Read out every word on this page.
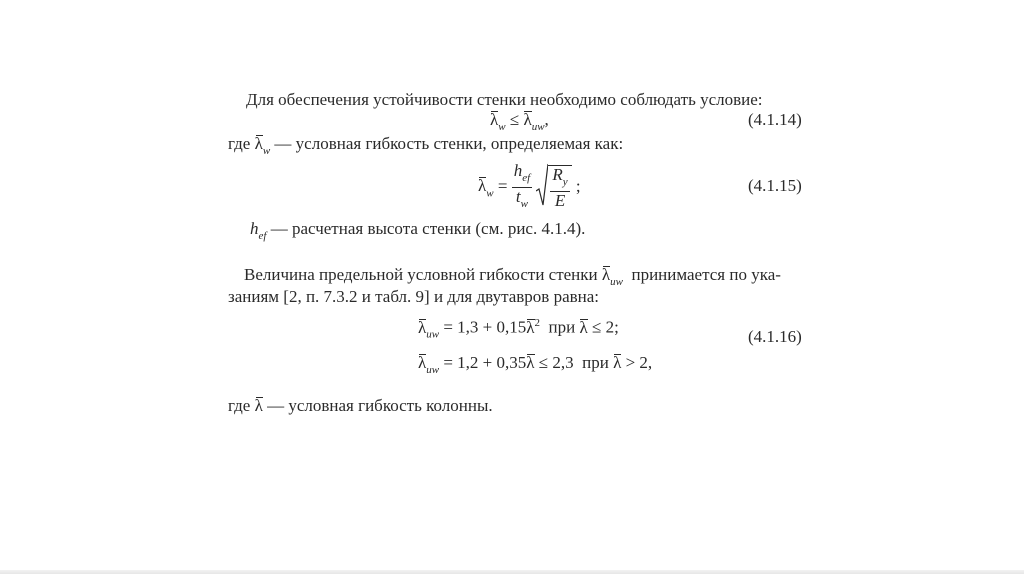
Для обеспечения устойчивости стенки необходимо соблюдать условие:
$\lambda_w \le \lambda_{uw}$,	(4.1.14)
где $\lambda_w$ — условная гибкость стенки, определяемая как:
$\lambda_w = \frac{h_{ef}}{t_w}$
$\frac{R_y}{E}$ ;	(4.1.15)
$h_{ef}$ — расчетная высота стенки (см. рис. 4.1.4).
Величина предельной условной гибкости стенки $\lambda_{uw}$ принимается по ука-
заниям [2, п. 7.3.2 и табл. 9] и для двутавров равна:
$\lambda_{uw} = 1,3 + 0,15\lambda^2$ при λ ≤ 2;	(4.1.16)
$\lambda_{uw} = 1,2 + 0,35\lambda \le 2,3$ при λ > 2,
где λ — условная гибкость колонны.
